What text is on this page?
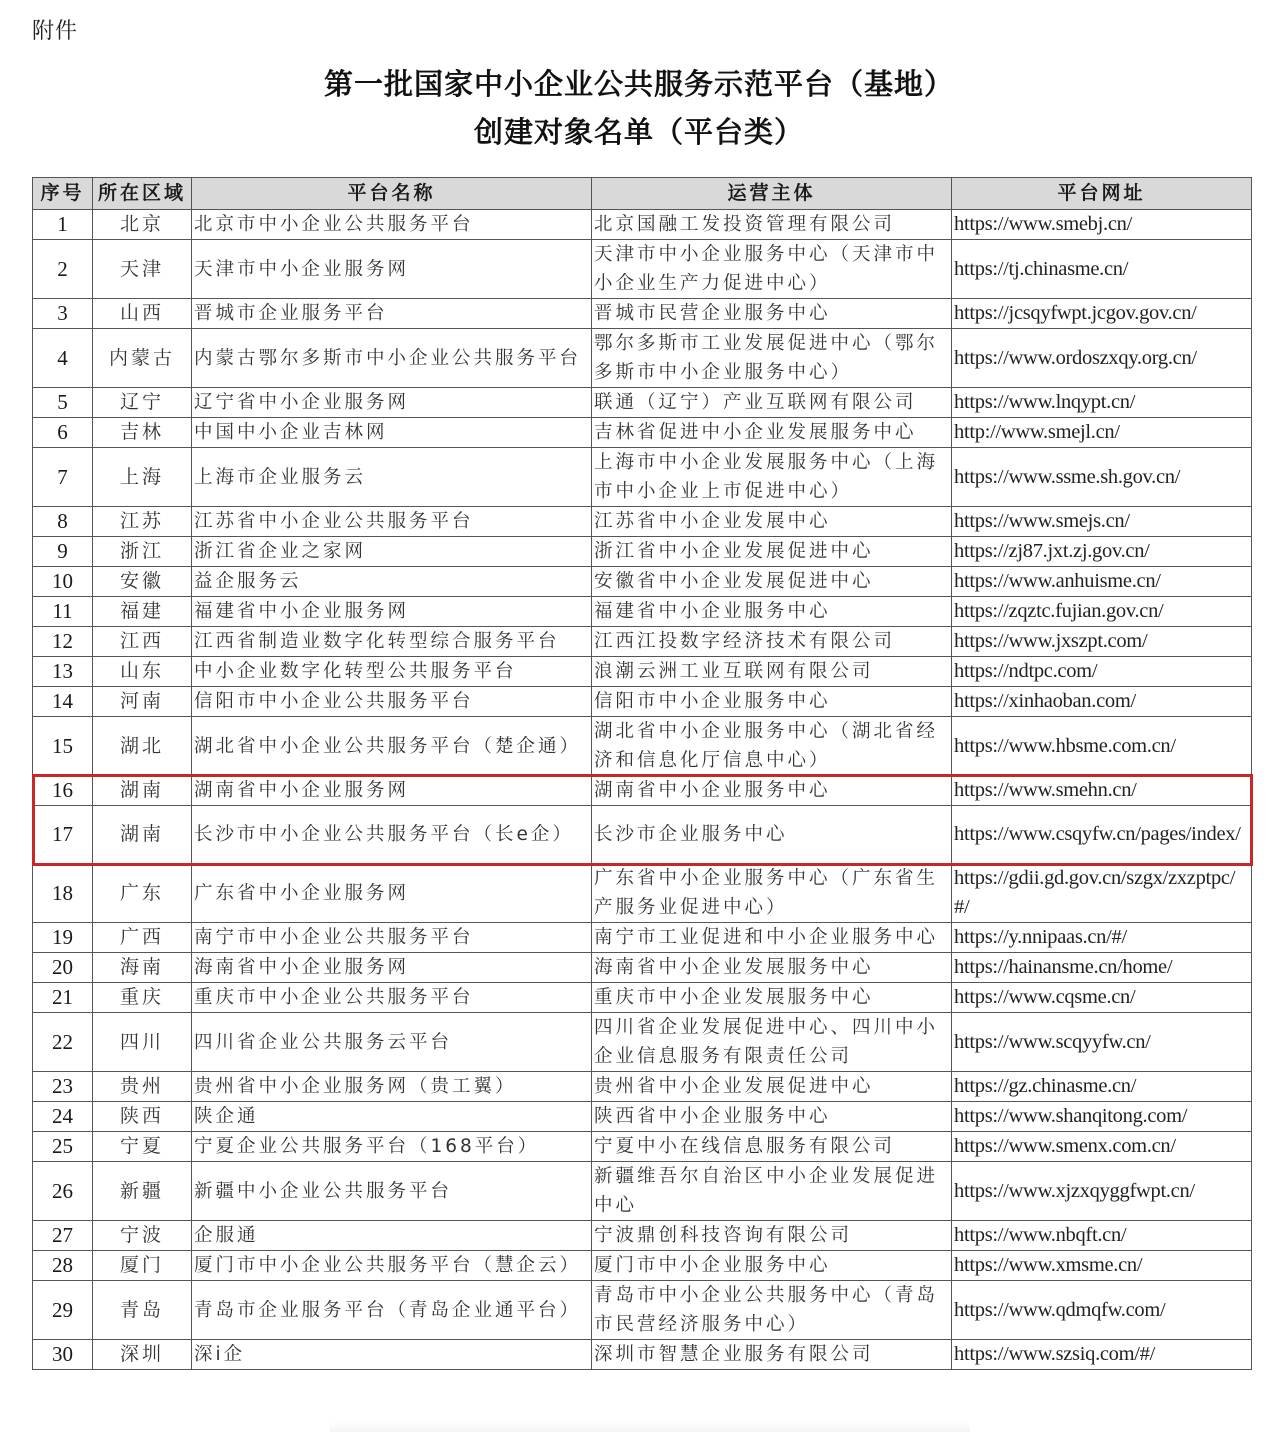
附件
第一批国家中小企业公共服务示范平台（基地）
创建对象名单（平台类）
序号	所在区域	平台名称	运营主体	平台网址
1	北京	北京市中小企业公共服务平台	北京国融工发投资管理有限公司	https://www.smebj.cn/
2	天津	天津市中小企业服务网	天津市中小企业服务中心（天津市中小企业生产力促进中心）	https://tj.chinasme.cn/
3	山西	晋城市企业服务平台	晋城市民营企业服务中心	https://jcsqyfwpt.jcgov.gov.cn/
4	内蒙古	内蒙古鄂尔多斯市中小企业公共服务平台	鄂尔多斯市工业发展促进中心（鄂尔多斯市中小企业服务中心）	https://www.ordoszxqy.org.cn/
5	辽宁	辽宁省中小企业服务网	联通（辽宁）产业互联网有限公司	https://www.lnqypt.cn/
6	吉林	中国中小企业吉林网	吉林省促进中小企业发展服务中心	http://www.smejl.cn/
7	上海	上海市企业服务云	上海市中小企业发展服务中心（上海市中小企业上市促进中心）	https://www.ssme.sh.gov.cn/
8	江苏	江苏省中小企业公共服务平台	江苏省中小企业发展中心	https://www.smejs.cn/
9	浙江	浙江省企业之家网	浙江省中小企业发展促进中心	https://zj87.jxt.zj.gov.cn/
10	安徽	益企服务云	安徽省中小企业发展促进中心	https://www.anhuisme.cn/
11	福建	福建省中小企业服务网	福建省中小企业服务中心	https://zqztc.fujian.gov.cn/
12	江西	江西省制造业数字化转型综合服务平台	江西江投数字经济技术有限公司	https://www.jxszpt.com/
13	山东	中小企业数字化转型公共服务平台	浪潮云洲工业互联网有限公司	https://ndtpc.com/
14	河南	信阳市中小企业公共服务平台	信阳市中小企业服务中心	https://xinhaoban.com/
15	湖北	湖北省中小企业公共服务平台（楚企通）	湖北省中小企业服务中心（湖北省经济和信息化厅信息中心）	https://www.hbsme.com.cn/
16	湖南	湖南省中小企业服务网	湖南省中小企业服务中心	https://www.smehn.cn/
17	湖南	长沙市中小企业公共服务平台（长e企）	长沙市企业服务中心	https://www.csqyfw.cn/pages/index/
18	广东	广东省中小企业服务网	广东省中小企业服务中心（广东省生产服务业促进中心）	https://gdii.gd.gov.cn/szgx/zxzptpc/#/
19	广西	南宁市中小企业公共服务平台	南宁市工业促进和中小企业服务中心	https://y.nnipaas.cn/#/
20	海南	海南省中小企业服务网	海南省中小企业发展服务中心	https://hainansme.cn/home/
21	重庆	重庆市中小企业公共服务平台	重庆市中小企业发展服务中心	https://www.cqsme.cn/
22	四川	四川省企业公共服务云平台	四川省企业发展促进中心、四川中小企业信息服务有限责任公司	https://www.scqyyfw.cn/
23	贵州	贵州省中小企业服务网（贵工翼）	贵州省中小企业发展促进中心	https://gz.chinasme.cn/
24	陕西	陕企通	陕西省中小企业服务中心	https://www.shanqitong.com/
25	宁夏	宁夏企业公共服务平台（168平台）	宁夏中小在线信息服务有限公司	https://www.smenx.com.cn/
26	新疆	新疆中小企业公共服务平台	新疆维吾尔自治区中小企业发展促进中心	https://www.xjzxqyggfwpt.cn/
27	宁波	企服通	宁波鼎创科技咨询有限公司	https://www.nbqft.cn/
28	厦门	厦门市中小企业公共服务平台（慧企云）	厦门市中小企业服务中心	https://www.xmsme.cn/
29	青岛	青岛市企业服务平台（青岛企业通平台）	青岛市中小企业公共服务中心（青岛市民营经济服务中心）	https://www.qdmqfw.com/
30	深圳	深i企	深圳市智慧企业服务有限公司	https://www.szsiq.com/#/
